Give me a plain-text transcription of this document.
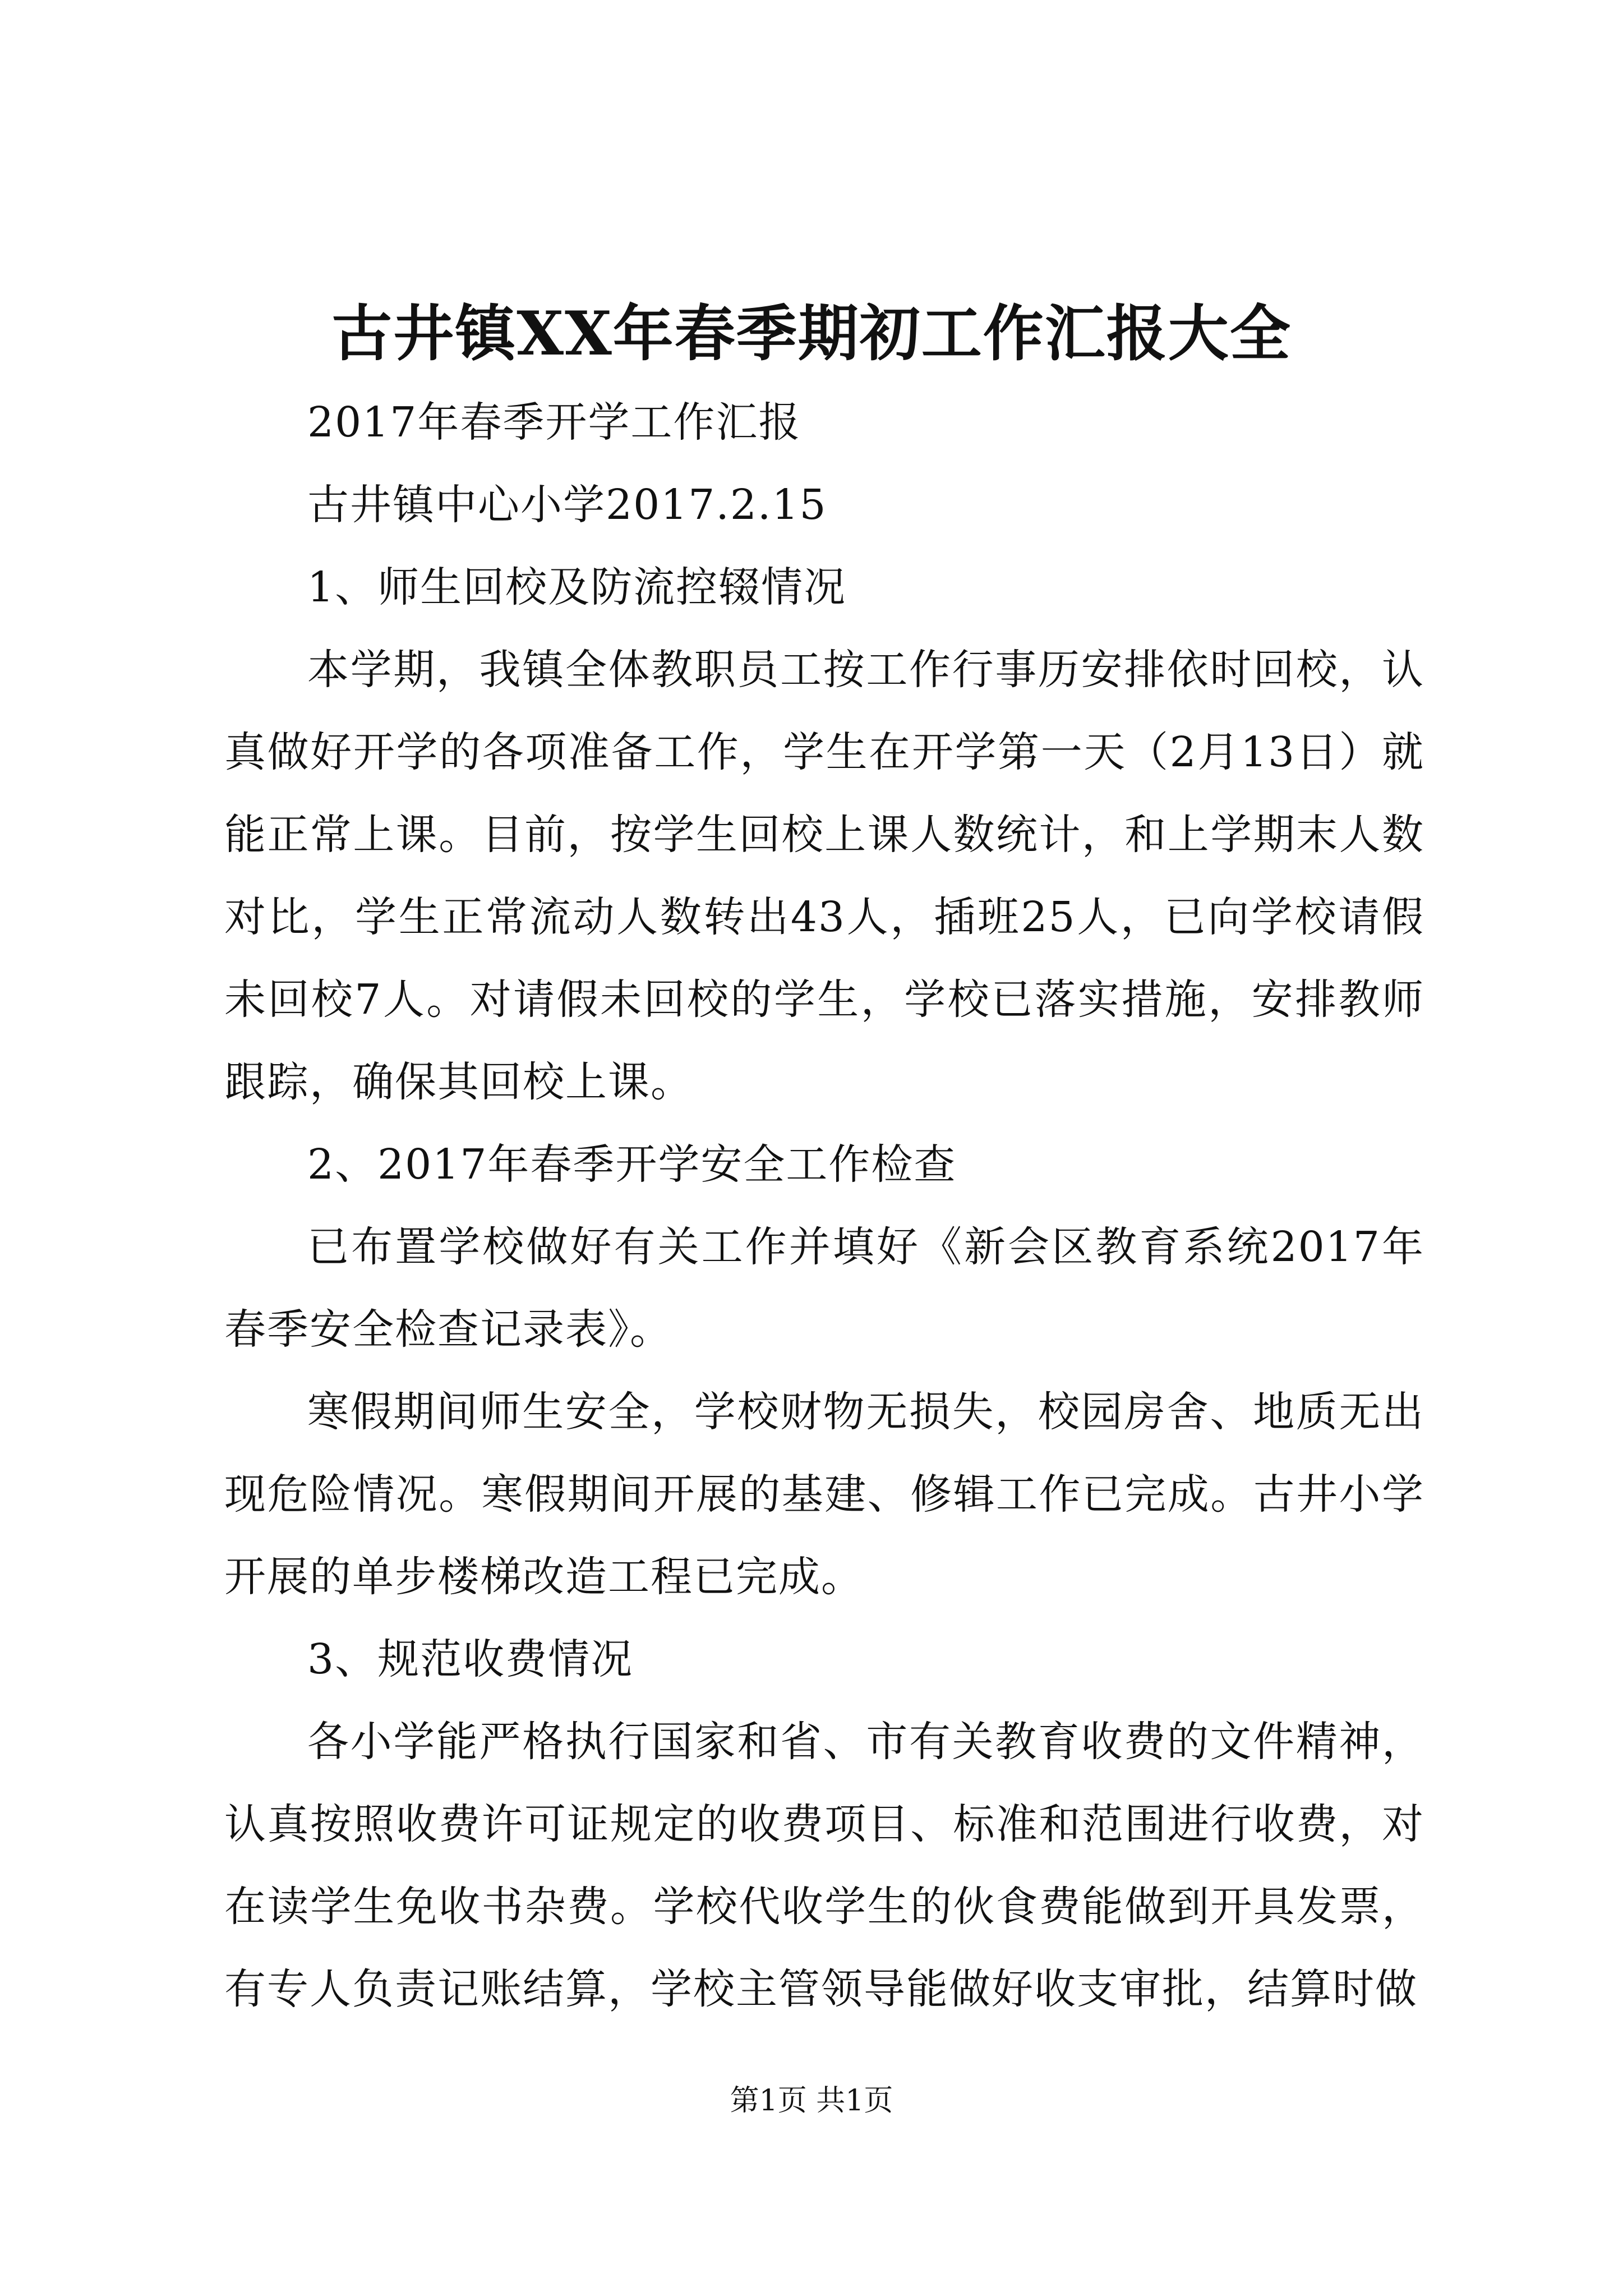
古井镇XX年春季期初工作汇报大全

2017年春季开学工作汇报

古井镇中心小学2017.2.15

1、师生回校及防流控辍情况

本学期，我镇全体教职员工按工作行事历安排依时回校，认真做好开学的各项准备工作，学生在开学第一天（2月13日）就能正常上课。目前，按学生回校上课人数统计，和上学期末人数对比，学生正常流动人数转出43人，插班25人，已向学校请假未回校7人。对请假未回校的学生，学校已落实措施，安排教师跟踪，确保其回校上课。

2、2017年春季开学安全工作检查

已布置学校做好有关工作并填好《新会区教育系统2017年春季安全检查记录表》。

寒假期间师生安全，学校财物无损失，校园房舍、地质无出现危险情况。寒假期间开展的基建、修辑工作已完成。古井小学开展的单步楼梯改造工程已完成。

3、规范收费情况

各小学能严格执行国家和省、市有关教育收费的文件精神，认真按照收费许可证规定的收费项目、标准和范围进行收费，对在读学生免收书杂费。学校代收学生的伙食费能做到开具发票，有专人负责记账结算，学校主管领导能做好收支审批，结算时做

第1页 共1页
